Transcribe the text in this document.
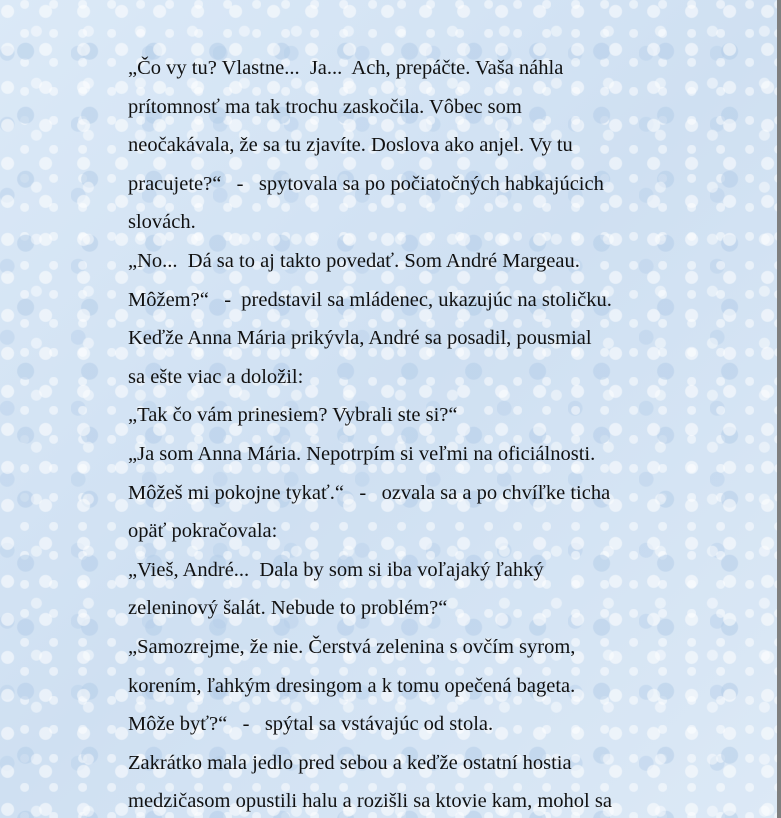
„Čo vy tu? Vlastne...  Ja...  Ach, prepáčte. Vaša náhla
prítomnosť ma tak trochu zaskočila. Vôbec som
neočakávala, že sa tu zjavíte. Doslova ako anjel. Vy tu
pracujete?“   -   spytovala sa po počiatočných habkajúcich
slovách.
„No...  Dá sa to aj takto povedať. Som André Margeau.
Môžem?“   -  predstavil sa mládenec, ukazujúc na stoličku.
Keďže Anna Mária prikývla, André sa posadil, pousmial
sa ešte viac a doložil:
„Tak čo vám prinesiem? Vybrali ste si?“
„Ja som Anna Mária. Nepotrpím si veľmi na oficiálnosti.
Môžeš mi pokojne tykať.“   -   ozvala sa a po chvíľke ticha
opäť pokračovala:
„Vieš, André...  Dala by som si iba voľajaký ľahký
zeleninový šalát. Nebude to problém?“
„Samozrejme, že nie. Čerstvá zelenina s ovčím syrom,
korením, ľahkým dresingom a k tomu opečená bageta.
Môže byť?“   -   spýtal sa vstávajúc od stola.
Zakrátko mala jedlo pred sebou a keďže ostatní hostia
medzičasom opustili halu a rozišli sa ktovie kam, mohol sa
